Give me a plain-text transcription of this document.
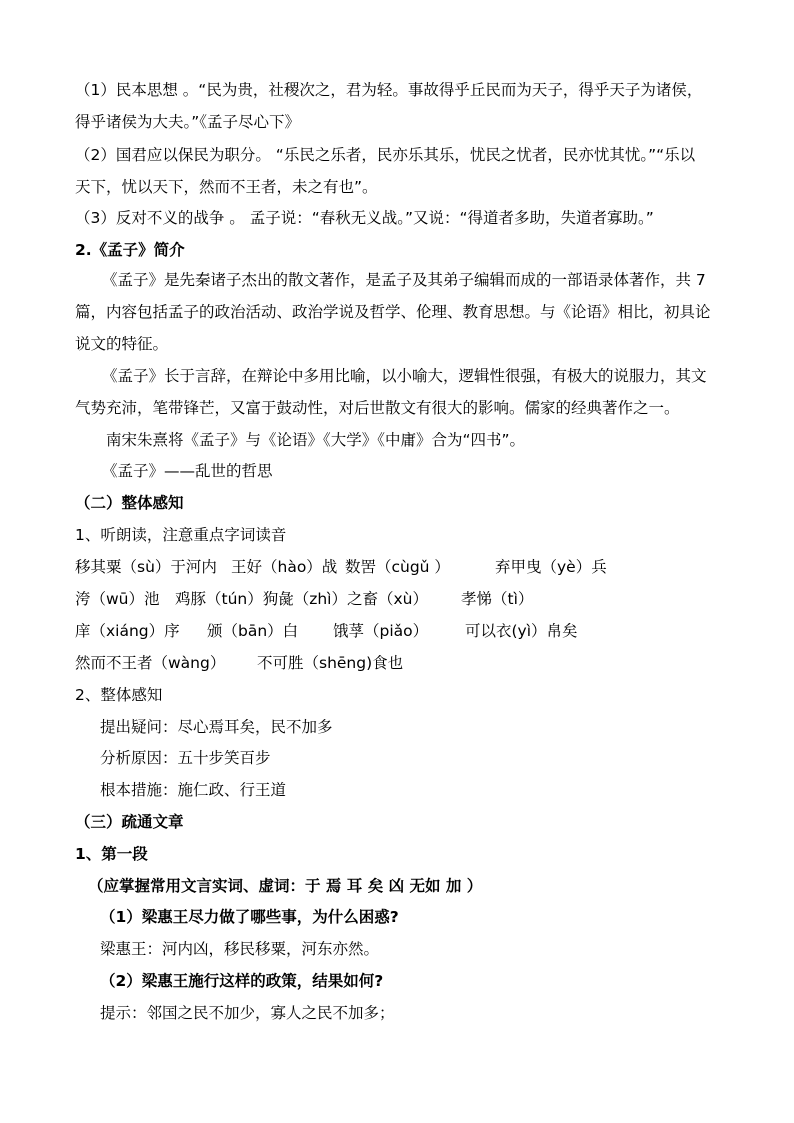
（1）民本思想 。“民为贵，社稷次之，君为轻。事故得乎丘民而为天子，得乎天子为诸侯，
得乎诸侯为大夫。”《孟子尽心下》
（2）国君应以保民为职分。 “乐民之乐者，民亦乐其乐，忧民之忧者，民亦忧其忧。”“乐以
天下，忧以天下，然而不王者，未之有也”。
（3）反对不义的战争 。 孟子说：“春秋无义战。”又说：“得道者多助，失道者寡助。”
2.《孟子》简介
《孟子》是先秦诸子杰出的散文著作，是孟子及其弟子编辑而成的一部语录体著作，共 7
篇，内容包括孟子的政治活动、政治学说及哲学、伦理、教育思想。与《论语》相比，初具论
说文的特征。
《孟子》长于言辞，在辩论中多用比喻，以小喻大，逻辑性很强，有极大的说服力，其文
气势充沛，笔带锋芒，又富于鼓动性，对后世散文有很大的影响。儒家的经典著作之一。
南宋朱熹将《孟子》与《论语》《大学》《中庸》合为“四书”。
《孟子》——乱世的哲思
（二）整体感知
1、听朗读，注意重点字词读音
移其粟（sù）于河内 王好（hào）战 数罟（cùgǔ ）	弃甲曳（yè）兵
洿（wū）池 鸡豚（tún）狗彘（zhì）之畜（xù） 孝悌（tì）
庠（xiáng）序 颁（bān）白 饿莩（piǎo） 可以衣(yì）帛矣
然而不王者（wàng） 不可胜（shēng)食也
2、整体感知
提出疑问：尽心焉耳矣，民不加多
分析原因：五十步笑百步
根本措施：施仁政、行王道
（三）疏通文章
1、第一段
（应掌握常用文言实词、虚词：于 焉 耳 矣 凶 无如 加 ）
（1）梁惠王尽力做了哪些事，为什么困惑?
梁惠王：河内凶，移民移粟，河东亦然。
（2）梁惠王施行这样的政策，结果如何?
提示：邻国之民不加少，寡人之民不加多；
